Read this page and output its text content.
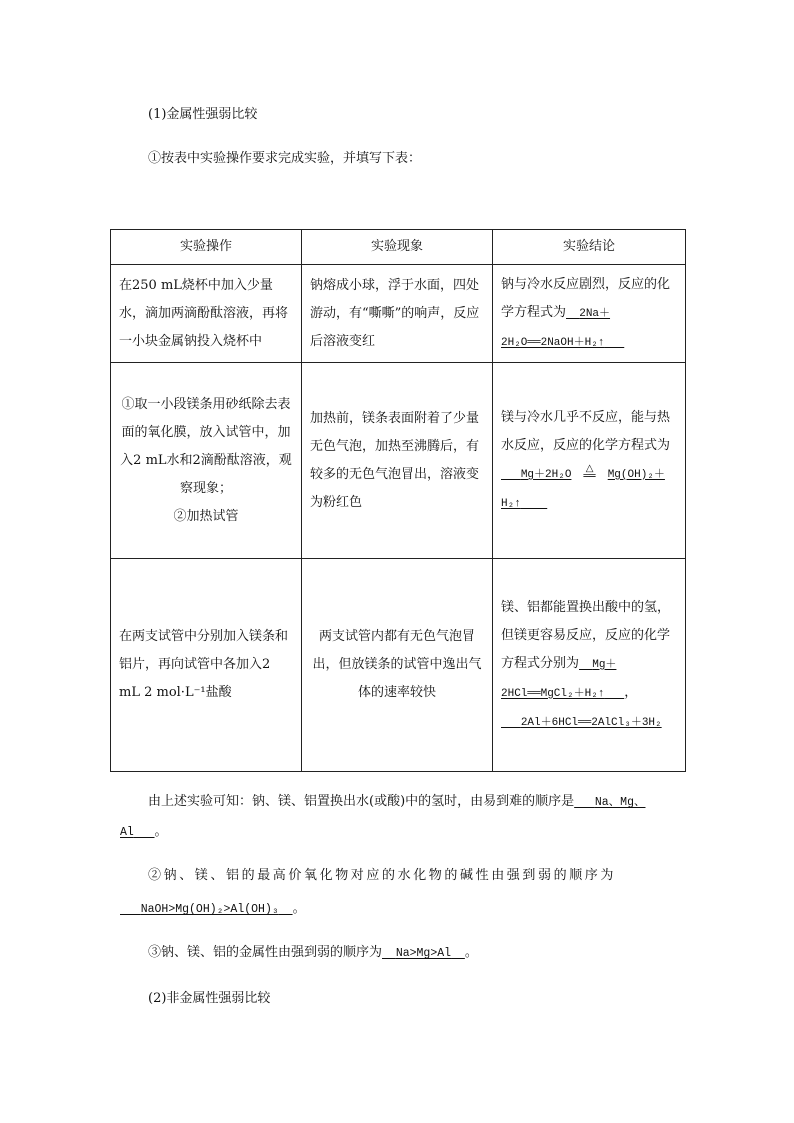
(1)金属性强弱比较
①按表中实验操作要求完成实验，并填写下表：
实验操作	实验现象	实验结论
在250 mL烧杯中加入少量水，滴加两滴酚酞溶液，再将一小块金属钠投入烧杯中	钠熔成小球，浮于水面，四处游动，有“嘶嘶”的响声，反应后溶液变红	钠与冷水反应剧烈，反应的化学方程式为 2Na＋
2H₂O══2NaOH＋H₂↑
①取一小段镁条用砂纸除去表面的氧化膜，放入试管中，加入2 mL水和2滴酚酞溶液，观察现象；
②加热试管	加热前，镁条表面附着了少量无色气泡，加热至沸腾后，有较多的无色气泡冒出，溶液变为粉红色	镁与冷水几乎不反应，能与热水反应，反应的化学方程式为
Mg＋2H₂O △
══ Mg(OH)₂＋
H₂↑
在两支试管中分别加入镁条和铝片，再向试管中各加入2 mL 2 mol·L⁻¹盐酸	两支试管内都有无色气泡冒出，但放镁条的试管中逸出气体的速率较快	镁、铝都能置换出酸中的氢，但镁更容易反应，反应的化学方程式分别为 Mg＋
2HCl══MgCl₂＋H₂↑ ，
2Al＋6HCl══2AlCl₃＋3H₂
由上述实验可知：钠、镁、铝置换出水(或酸)中的氢时，由易到难的顺序是 Na、Mg、
Al 。
②钠、镁、铝的最高价氧化物对应的水化物的碱性由强到弱的顺序为
NaOH>Mg(OH)₂>Al(OH)₃ 。
③钠、镁、铝的金属性由强到弱的顺序为 Na>Mg>Al 。
(2)非金属性强弱比较
